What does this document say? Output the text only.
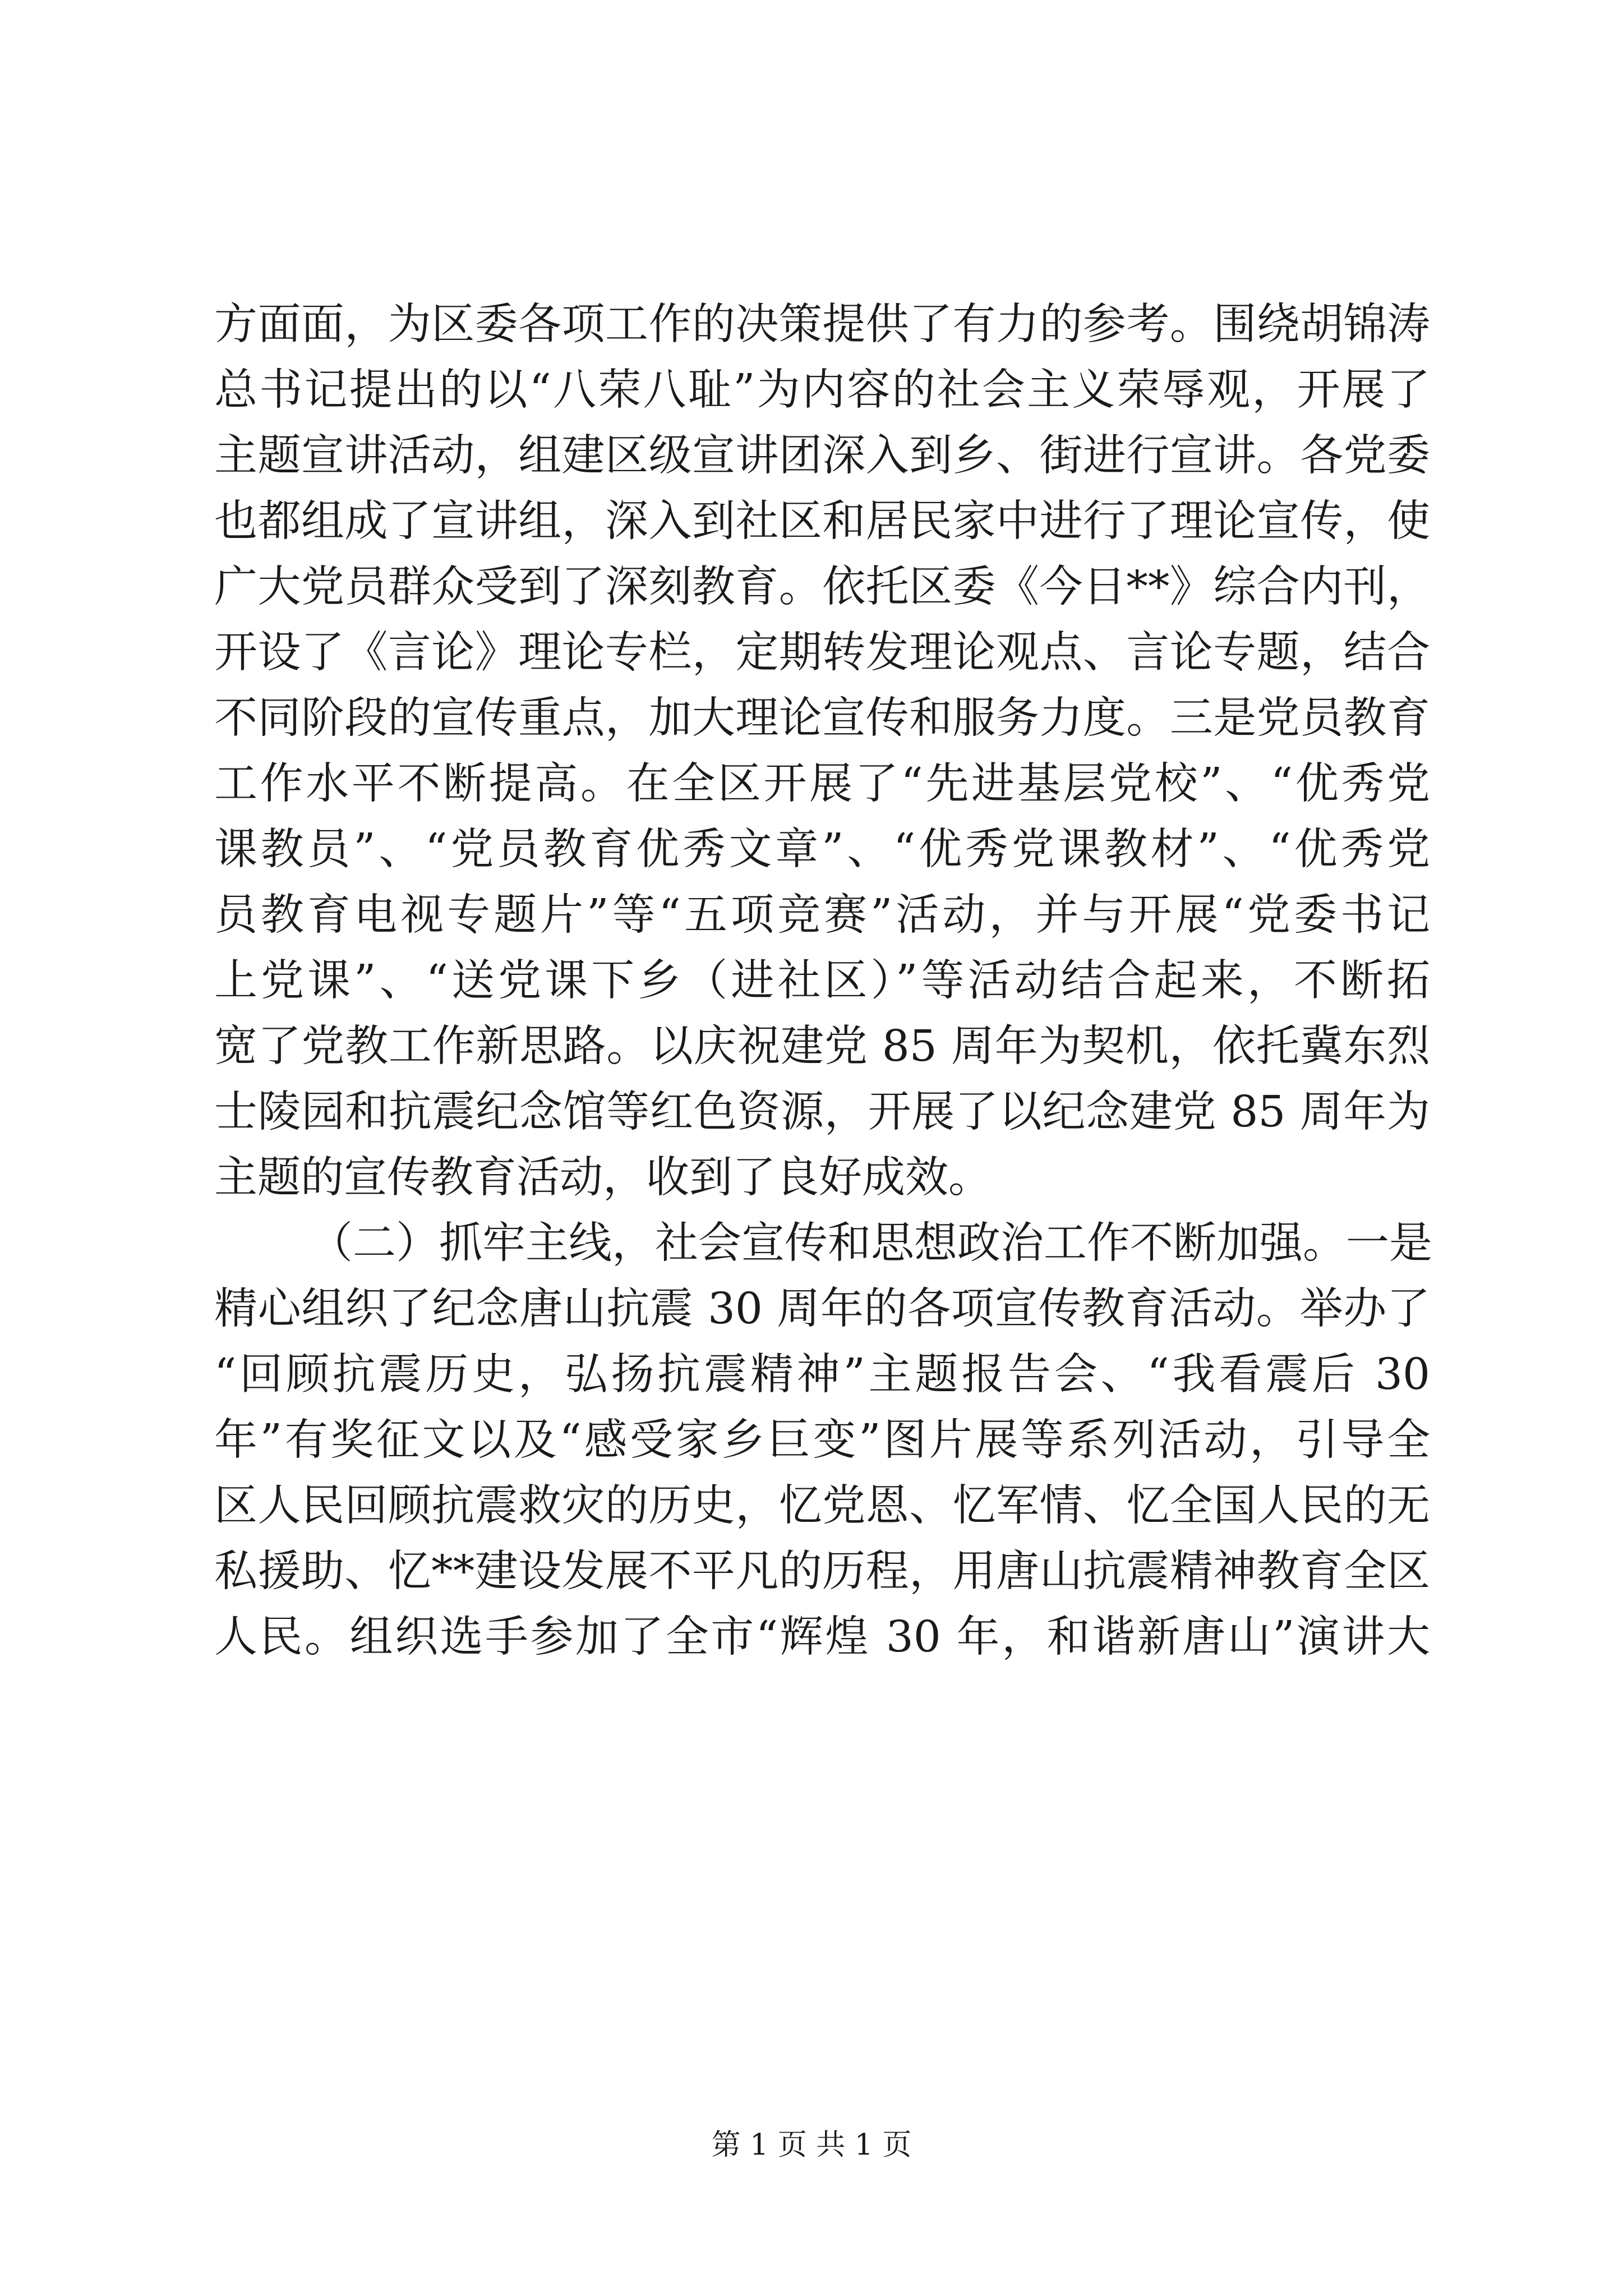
方面面，为区委各项工作的决策提供了有力的参考。围绕胡锦涛
总书记提出的以“八荣八耻”为内容的社会主义荣辱观，开展了
主题宣讲活动，组建区级宣讲团深入到乡、街进行宣讲。各党委
也都组成了宣讲组，深入到社区和居民家中进行了理论宣传，使
广大党员群众受到了深刻教育。依托区委《今日**》综合内刊，
开设了《言论》理论专栏，定期转发理论观点、言论专题，结合
不同阶段的宣传重点，加大理论宣传和服务力度。三是党员教育
工作水平不断提高。在全区开展了“先进基层党校”、“优秀党
课教员”、“党员教育优秀文章”、“优秀党课教材”、“优秀党
员教育电视专题片”等“五项竞赛”活动，并与开展“党委书记
上党课”、“送党课下乡（进社区）”等活动结合起来，不断拓
宽了党教工作新思路。以庆祝建党 85 周年为契机，依托冀东烈
士陵园和抗震纪念馆等红色资源，开展了以纪念建党 85 周年为
主题的宣传教育活动，收到了良好成效。
（二）抓牢主线，社会宣传和思想政治工作不断加强。一是
精心组织了纪念唐山抗震 30 周年的各项宣传教育活动。举办了
“回顾抗震历史，弘扬抗震精神”主题报告会、“我看震后 30
年”有奖征文以及“感受家乡巨变”图片展等系列活动，引导全
区人民回顾抗震救灾的历史，忆党恩、忆军情、忆全国人民的无
私援助、忆**建设发展不平凡的历程，用唐山抗震精神教育全区
人民。组织选手参加了全市“辉煌 30 年，和谐新唐山”演讲大
第 1 页 共 1 页
